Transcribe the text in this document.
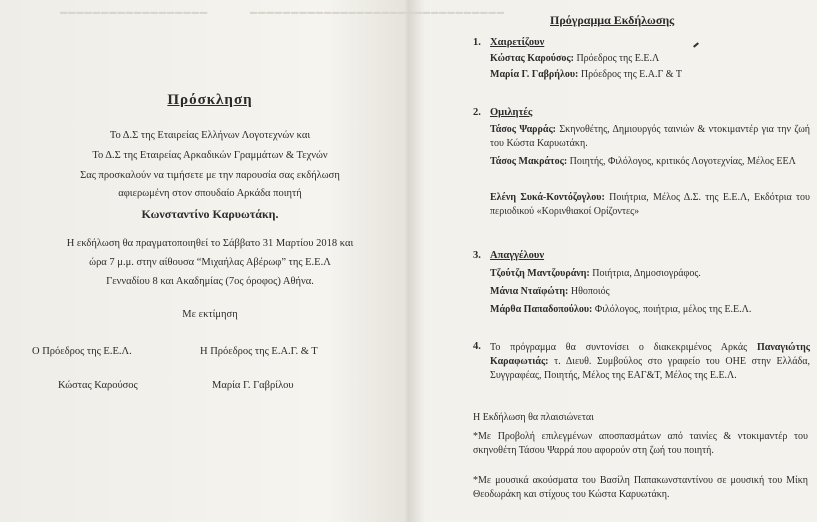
━━━━━━━━━━━━━━━━━━	━━━━━━━━━━━━━━━━━━━━━━━━━━━━━━━
Πρόσκληση

Το Δ.Σ της Εταιρείας Ελλήνων Λογοτεχνών και

Το Δ.Σ της Εταιρείας Αρκαδικών Γραμμάτων & Τεχνών

Σας προσκαλούν να τιμήσετε με την παρουσία σας εκδήλωση

αφιερωμένη στον σπουδαίο Αρκάδα ποιητή

Κωνσταντίνο Καρυωτάκη.

Η εκδήλωση θα πραγματοποιηθεί το Σάββατο 31 Μαρτίου 2018 και

ώρα 7 μ.μ. στην αίθουσα “Μιχαήλας Αβέρωφ” της Ε.Ε.Λ

Γενναδίου 8 και Ακαδημίας (7ος όροφος) Αθήνα.

Με εκτίμηση

Ο Πρόεδρος της Ε.Ε.Λ.	Η Πρόεδρος της Ε.Α.Γ. & Τ

Κώστας Καρούσος	Μαρία Γ. Γαβρίλου

Πρόγραμμα Εκδήλωσης
1. Χαιρετίζουν

Κώστας Καρούσος: Πρόεδρος της Ε.Ε.Λ

Μαρία Γ. Γαβρήλου: Πρόεδρος της Ε.Α.Γ & Τ

2. Ομιλητές

Τάσος Ψαρράς: Σκηνοθέτης, Δημιουργός ταινιών & ντοκιμαντέρ για την ζωή του Κώστα Καρυωτάκη.

Τάσος Μακράτος: Ποιητής, Φιλόλογος, κριτικός Λογοτεχνίας, Μέλος ΕΕΛ

Ελένη Συκά-Κοντόζογλου: Ποιήτρια, Μέλος Δ.Σ. της Ε.Ε.Λ, Εκδότρια του περιοδικού «Κορινθιακοί Ορίζοντες»

3. Απαγγέλουν

Τζούτζη Μαντζουράνη: Ποιήτρια, Δημοσιογράφος.

Μάνια Νταϊφώτη: Ηθοποιός

Μάρθα Παπαδοπούλου: Φιλόλογος, ποιήτρια, μέλος της Ε.Ε.Λ.

4. Το πρόγραμμα θα συντονίσει ο διακεκριμένος Αρκάς Παναγιώτης Καραφωτιάς: τ. Διευθ. Συμβούλος στο γραφείο του ΟΗΕ στην Ελλάδα, Συγγραφέας, Ποιητής, Μέλος της ΕΑΓ&Τ, Μέλος της Ε.Ε.Λ.

Η Εκδήλωση θα πλαισιώνεται

*Με Προβολή επιλεγμένων αποσπασμάτων από ταινίες & ντοκιμαντέρ του σκηνοθέτη Τάσου Ψαρρά που αφορούν στη ζωή του ποιητή.

*Με μουσικά ακούσματα του Βασίλη Παπακωνσταντίνου σε μουσική του Μίκη Θεοδωράκη και στίχους του Κώστα Καρυωτάκη.
